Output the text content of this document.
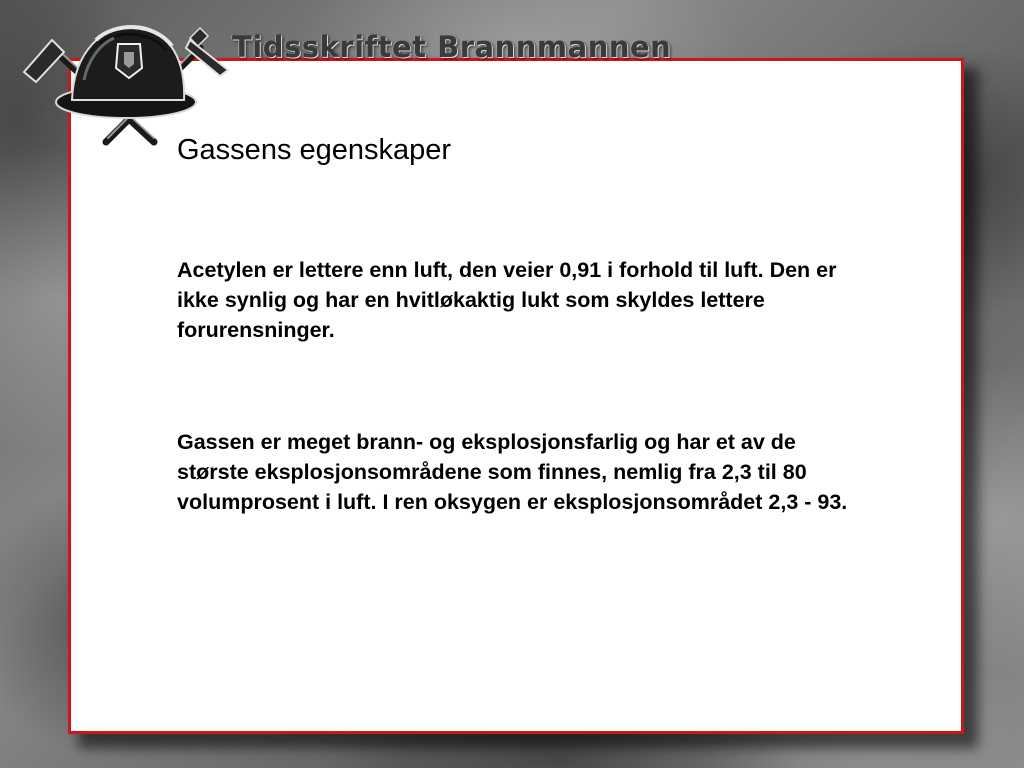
Tidsskriftet Brannmannen
Gassens egenskaper

Acetylen er lettere enn luft, den veier 0,91 i forhold til luft. Den er ikke synlig og har en hvitløkaktig lukt som skyldes lettere forurensninger.

Gassen er meget brann- og eksplosjonsfarlig og har et av de største eksplosjonsområdene som finnes, nemlig fra 2,3 til 80 volumprosent i luft. I ren oksygen er eksplosjonsområdet 2,3 - 93.
